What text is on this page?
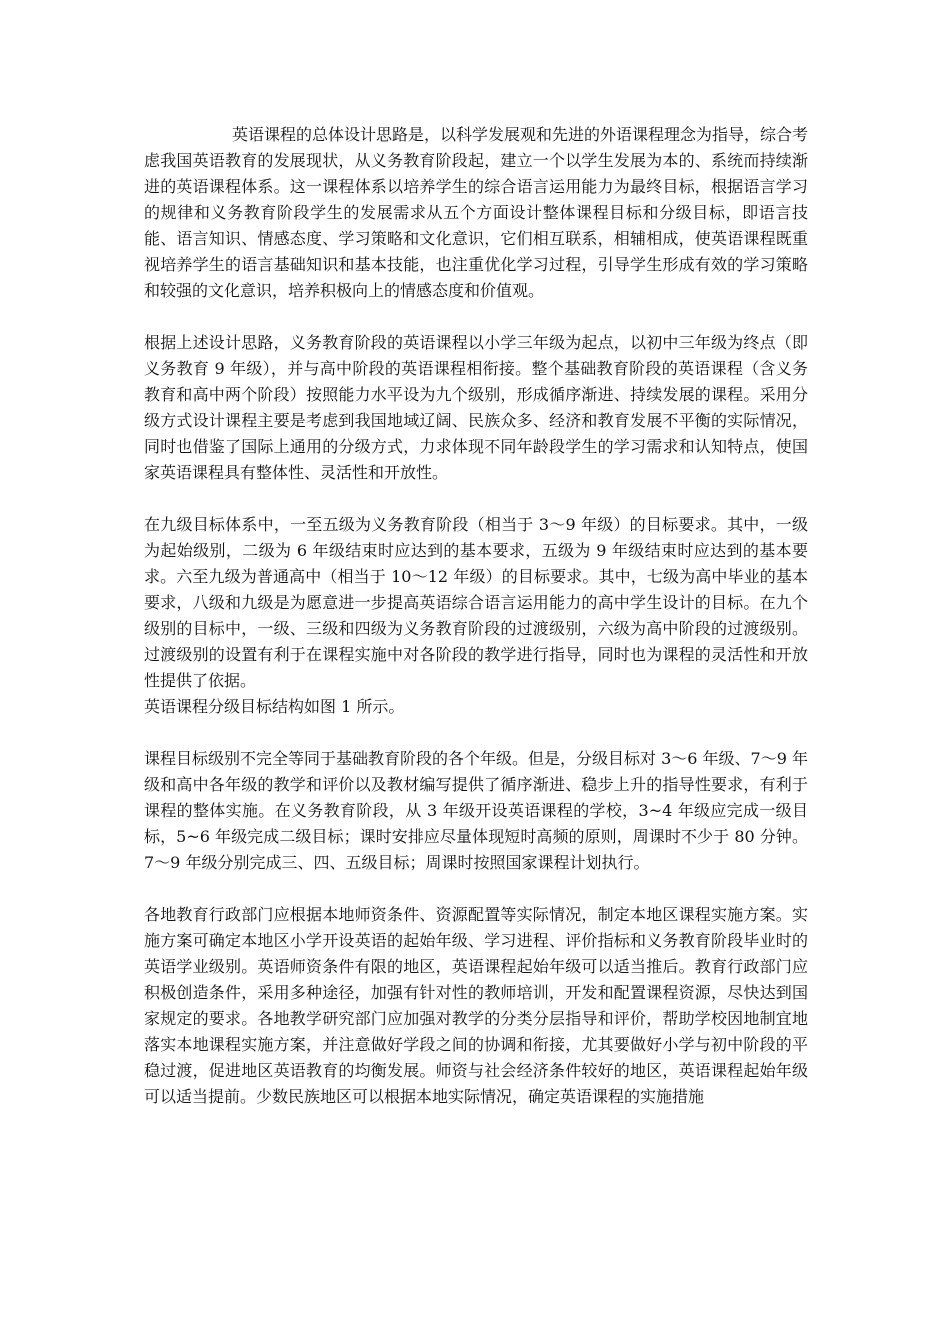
英语课程的总体设计思路是，以科学发展观和先进的外语课程理念为指导，综合考虑我国英语教育的发展现状，从义务教育阶段起，建立一个以学生发展为本的、系统而持续渐进的英语课程体系。这一课程体系以培养学生的综合语言运用能力为最终目标，根据语言学习的规律和义务教育阶段学生的发展需求从五个方面设计整体课程目标和分级目标，即语言技能、语言知识、情感态度、学习策略和文化意识，它们相互联系，相辅相成，使英语课程既重视培养学生的语言基础知识和基本技能，也注重优化学习过程，引导学生形成有效的学习策略和较强的文化意识，培养积极向上的情感态度和价值观。

根据上述设计思路，义务教育阶段的英语课程以小学三年级为起点，以初中三年级为终点（即义务教育 9 年级），并与高中阶段的英语课程相衔接。整个基础教育阶段的英语课程（含义务教育和高中两个阶段）按照能力水平设为九个级别，形成循序渐进、持续发展的课程。采用分级方式设计课程主要是考虑到我国地域辽阔、民族众多、经济和教育发展不平衡的实际情况，同时也借鉴了国际上通用的分级方式，力求体现不同年龄段学生的学习需求和认知特点，使国家英语课程具有整体性、灵活性和开放性。

在九级目标体系中，一至五级为义务教育阶段（相当于 3～9 年级）的目标要求。其中，一级为起始级别，二级为 6 年级结束时应达到的基本要求，五级为 9 年级结束时应达到的基本要求。六至九级为普通高中（相当于 10～12 年级）的目标要求。其中，七级为高中毕业的基本要求，八级和九级是为愿意进一步提高英语综合语言运用能力的高中学生设计的目标。在九个级别的目标中，一级、三级和四级为义务教育阶段的过渡级别，六级为高中阶段的过渡级别。过渡级别的设置有利于在课程实施中对各阶段的教学进行指导，同时也为课程的灵活性和开放性提供了依据。

英语课程分级目标结构如图 1 所示。

课程目标级别不完全等同于基础教育阶段的各个年级。但是，分级目标对 3～6 年级、7～9 年级和高中各年级的教学和评价以及教材编写提供了循序渐进、稳步上升的指导性要求，有利于课程的整体实施。在义务教育阶段，从 3 年级开设英语课程的学校，3~4 年级应完成一级目标，5~6 年级完成二级目标；课时安排应尽量体现短时高频的原则，周课时不少于 80 分钟。7～9 年级分别完成三、四、五级目标；周课时按照国家课程计划执行。

各地教育行政部门应根据本地师资条件、资源配置等实际情况，制定本地区课程实施方案。实施方案可确定本地区小学开设英语的起始年级、学习进程、评价指标和义务教育阶段毕业时的英语学业级别。英语师资条件有限的地区，英语课程起始年级可以适当推后。教育行政部门应积极创造条件，采用多种途径，加强有针对性的教师培训，开发和配置课程资源，尽快达到国家规定的要求。各地教学研究部门应加强对教学的分类分层指导和评价，帮助学校因地制宜地落实本地课程实施方案，并注意做好学段之间的协调和衔接，尤其要做好小学与初中阶段的平稳过渡，促进地区英语教育的均衡发展。师资与社会经济条件较好的地区，英语课程起始年级可以适当提前。少数民族地区可以根据本地实际情况，确定英语课程的实施措施
